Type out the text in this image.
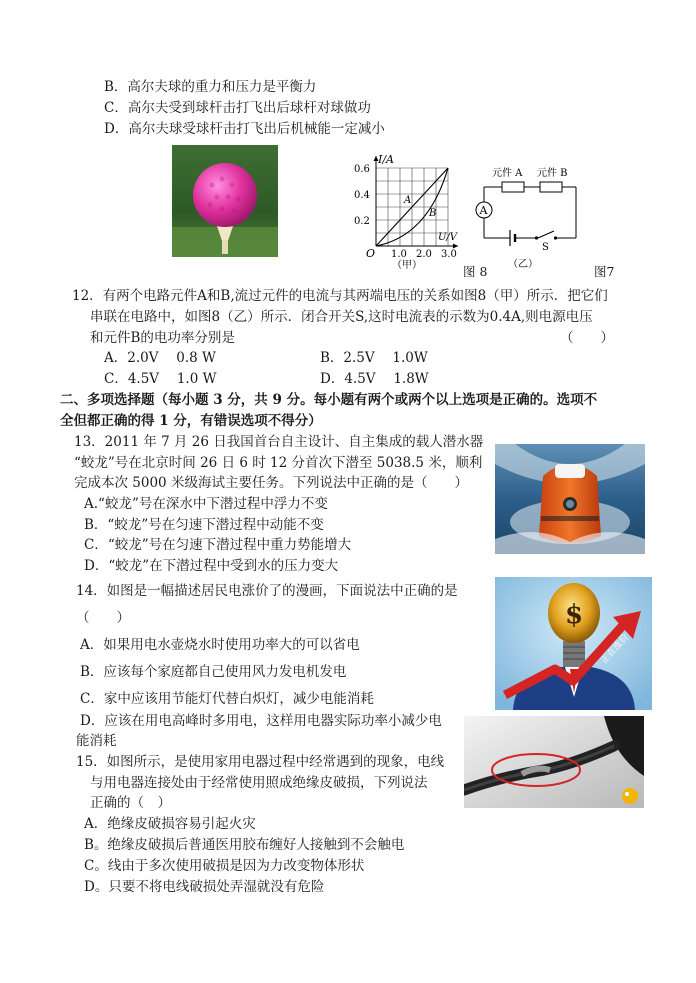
B．高尔夫球的重力和压力是平衡力
C．高尔夫受到球杆击打飞出后球杆对球做功
D．高尔夫球受球杆击打飞出后机械能一定减小
I/A
0.6
0.4
0.2
O 1.0 2.0 3.0
U/V
A
B
（甲）
A
元件 A 元件 B
S
（乙）
图 8	图7
12．有两个电路元件A和B,流过元件的电流与其两端电压的关系如图8（甲）所示．把它们
串联在电路中，如图8（乙）所示．闭合开关S,这时电流表的示数为0.4A,则电源电压
和元件B的电功率分别是	（　　）
A．2.0V　 0.8 W	B．2.5V　 1.0W
C．4.5V　 1.0 W	D．4.5V　 1.8W
二、多项选择题（每小题 3 分，共 9 分。每小题有两个或两个以上选项是正确的。选项不
全但都正确的得 1 分，有错误选项不得分）
13．2011 年 7 月 26 日我国首台自主设计、自主集成的载人潜水器
“蛟龙”号在北京时间 26 日 6 时 12 分首次下潜至 5038.5 米，顺利
完成本次 5000 米级海试主要任务。下列说法中正确的是（　　）
A.“蛟龙”号在深水中下潜过程中浮力不变
B．“蛟龙”号在匀速下潜过程中动能不变
C．“蛟龙”号在匀速下潜过程中重力势能增大
D．“蛟龙”在下潜过程中受到水的压力变大
14．如图是一幅描述居民电涨价了的漫画，下面说法中正确的是
（　　）
A．如果用电水壶烧水时使用功率大的可以省电
B．应该每个家庭都自己使用风力发电机发电
C．家中应该用节能灯代替白炽灯，减少电能消耗
D．应该在用电高峰时多用电，这样用电器实际功率小减少电
能消耗
$
正在涨价
15．如图所示，是使用家用电器过程中经常遇到的现象，电线
与用电器连接处由于经常使用照成绝缘皮破损，下列说法
正确的（　）
A．绝缘皮破损容易引起火灾
B。绝缘皮破损后普通医用胶布缠好人接触到不会触电
C。线由于多次使用破损是因为力改变物体形状
D。只要不将电线破损处弄湿就没有危险
